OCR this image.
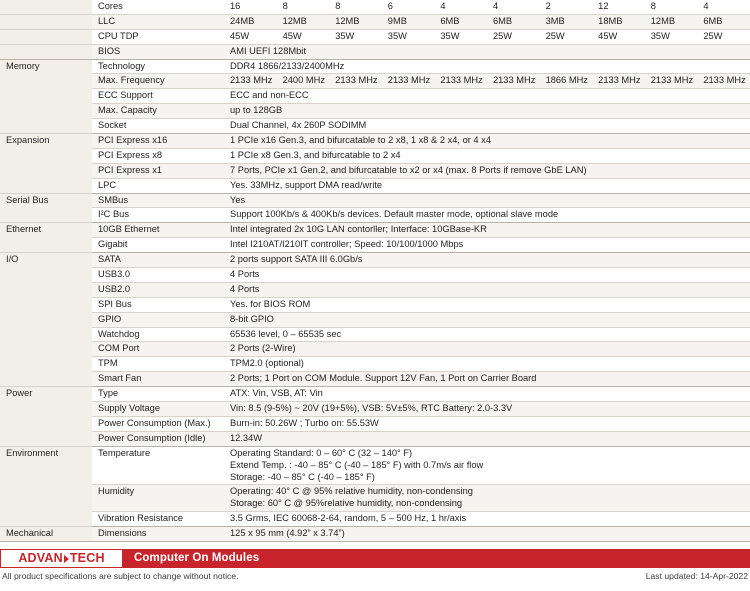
	Cores	16	8	8	6	4	4	2	12	8	4
	LLC	24MB	12MB	12MB	9MB	6MB	6MB	3MB	18MB	12MB	6MB
	CPU TDP	45W	45W	35W	35W	35W	25W	25W	45W	35W	25W
	BIOS	AMI UEFI 128Mbit									
Memory	Technology	DDR4 1866/2133/2400MHz									
	Max. Frequency	2133 MHz	2400 MHz	2133 MHz	2133 MHz	2133 MHz	2133 MHz	1866 MHz	2133 MHz	2133 MHz	2133 MHz
	ECC Support	ECC and non-ECC									
	Max. Capacity	up to 128GB									
	Socket	Dual Channel, 4x 260P SODIMM									
Expansion	PCI Express x16	1 PCIe x16 Gen.3, and bifurcatable to 2 x8, 1 x8 & 2 x4, or 4 x4									
	PCI Express x8	1 PCIe x8 Gen.3, and bifurcatable to 2 x4									
	PCI Express x1	7 Ports, PCIe x1 Gen.2, and bifurcatable to x2 or x4 (max. 8 Ports if remove GbE LAN)									
	LPC	Yes. 33MHz, support DMA read/write									
Serial Bus	SMBus	Yes									
	I²C Bus	Support 100Kb/s & 400Kb/s devices. Default master mode, optional slave mode									
Ethernet	10GB Ethernet	Intel integrated 2x 10G LAN contorller; Interface: 10GBase-KR									
	Gigabit	Intel I210AT/I210IT controller; Speed: 10/100/1000 Mbps									
I/O	SATA	2 ports support SATA III 6.0Gb/s									
	USB3.0	4 Ports									
	USB2.0	4 Ports									
	SPI Bus	Yes. for BIOS ROM									
	GPIO	8-bit GPIO									
	Watchdog	65536 level, 0 – 65535 sec									
	COM Port	2 Ports (2-Wire)									
	TPM	TPM2.0 (optional)									
	Smart Fan	2 Ports; 1 Port on COM Module. Support 12V Fan, 1 Port on Carrier Board									
Power	Type	ATX: Vin, VSB, AT: Vin									
	Supply Voltage	Vin: 8.5 (9-5%) ~ 20V (19+5%), VSB: 5V±5%, RTC Battery: 2.0-3.3V									
	Power Consumption (Max.)	Burn-in: 50.26W ; Turbo on: 55.53W									
	Power Consumption (Idle)	12.34W									
Environment	Temperature	Operating Standard: 0 – 60° C (32 – 140° F)
Extend Temp. : -40 – 85° C (-40 – 185° F) with 0.7m/s air flow
Storage: -40 – 85° C (-40 – 185° F)									

	Humidity	Operating: 40° C @ 95% relative humidity, non-condensing
Storage: 60° C @ 95%relative humidity, non-condensing									

	Vibration Resistance	3.5 Grms, IEC 60068-2-64, random, 5 – 500 Hz, 1 hr/axis									
Mechanical	Dimensions	125 x 95 mm (4.92” x 3.74”)									
ADVAN TECH	Computer On Modules
All product specifications are subject to change without notice.	Last updated: 14-Apr-2022
